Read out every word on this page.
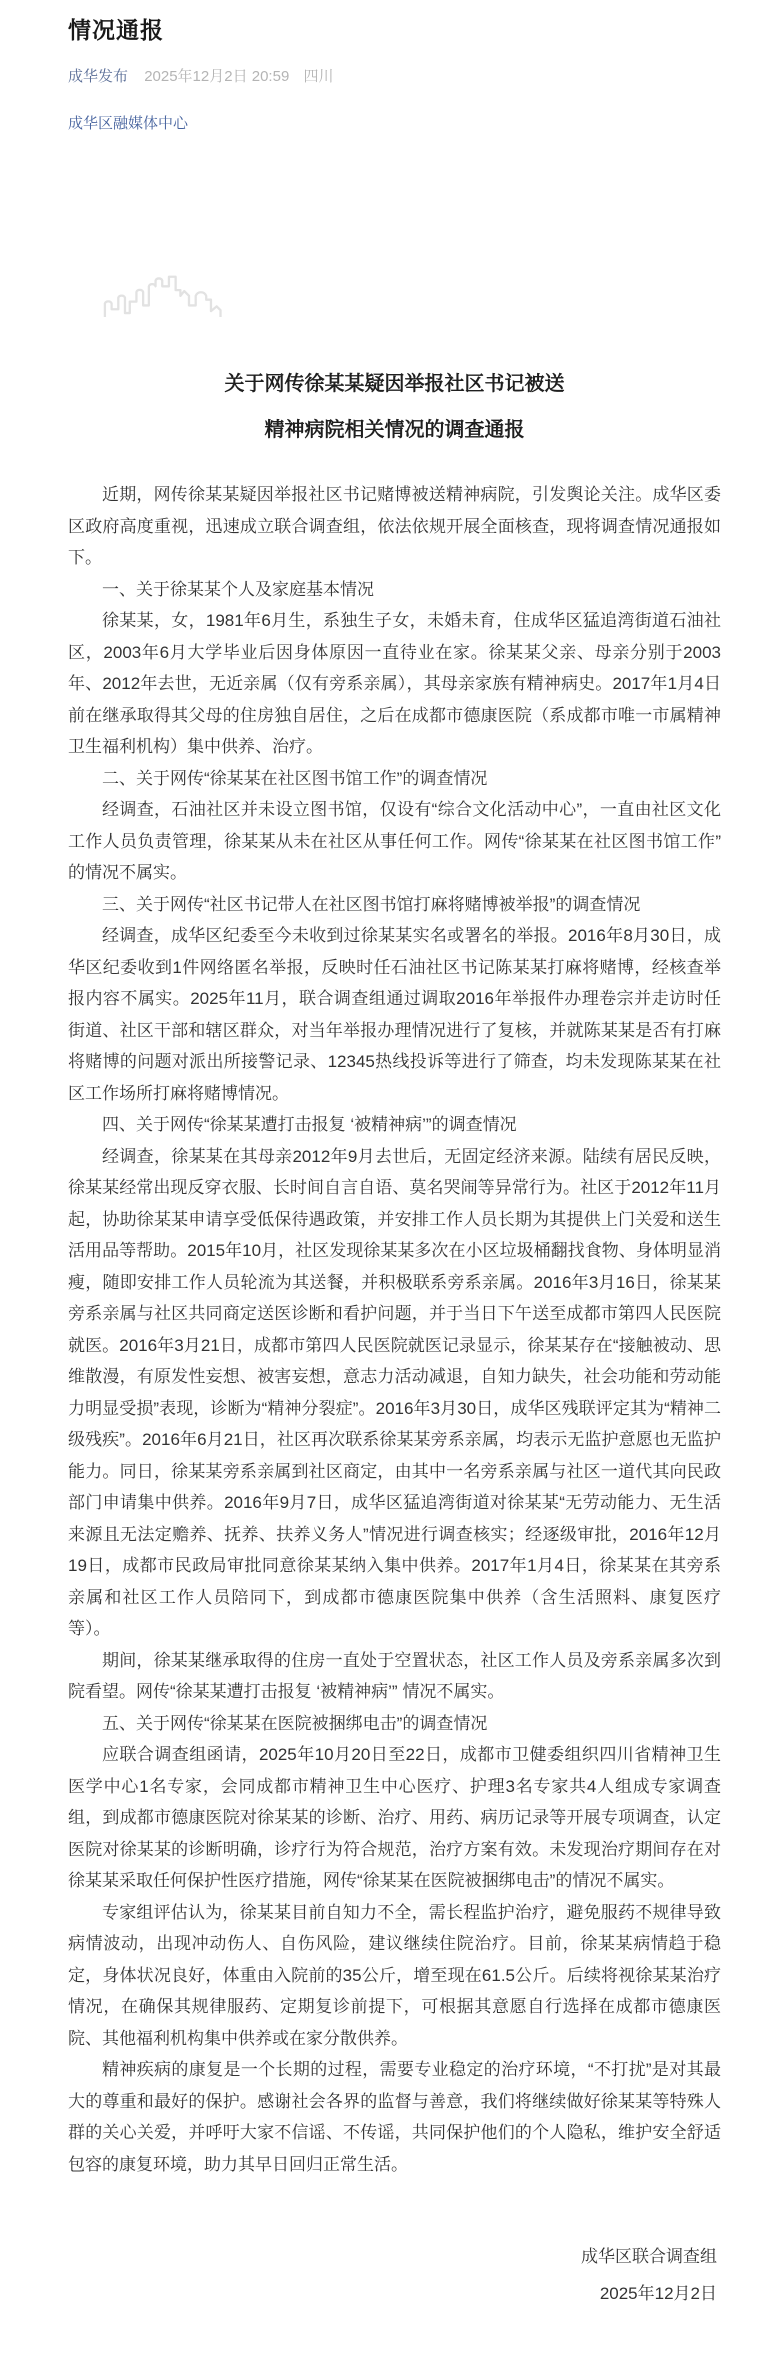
情况通报
成华发布 2025年12月2日 20:59 四川
成华区融媒体中心
关于网传徐某某疑因举报社区书记被送
精神病院相关情况的调查通报

近期，网传徐某某疑因举报社区书记赌博被送精神病院，引发舆论关注。成华区委区政府高度重视，迅速成立联合调查组，依法依规开展全面核查，现将调查情况通报如下。

一、关于徐某某个人及家庭基本情况

徐某某，女，1981年6月生，系独生子女，未婚未育，住成华区猛追湾街道石油社区，2003年6月大学毕业后因身体原因一直待业在家。徐某某父亲、母亲分别于2003年、2012年去世，无近亲属（仅有旁系亲属），其母亲家族有精神病史。2017年1月4日前在继承取得其父母的住房独自居住，之后在成都市德康医院（系成都市唯一市属精神卫生福利机构）集中供养、治疗。

二、关于网传“徐某某在社区图书馆工作”的调查情况

经调查，石油社区并未设立图书馆，仅设有“综合文化活动中心”，一直由社区文化工作人员负责管理，徐某某从未在社区从事任何工作。网传“徐某某在社区图书馆工作”的情况不属实。

三、关于网传“社区书记带人在社区图书馆打麻将赌博被举报”的调查情况

经调查，成华区纪委至今未收到过徐某某实名或署名的举报。2016年8月30日，成华区纪委收到1件网络匿名举报，反映时任石油社区书记陈某某打麻将赌博，经核查举报内容不属实。2025年11月，联合调查组通过调取2016年举报件办理卷宗并走访时任街道、社区干部和辖区群众，对当年举报办理情况进行了复核，并就陈某某是否有打麻将赌博的问题对派出所接警记录、12345热线投诉等进行了筛查，均未发现陈某某在社区工作场所打麻将赌博情况。

四、关于网传“徐某某遭打击报复 ‘被精神病’”的调查情况

经调查，徐某某在其母亲2012年9月去世后，无固定经济来源。陆续有居民反映，徐某某经常出现反穿衣服、长时间自言自语、莫名哭闹等异常行为。社区于2012年11月起，协助徐某某申请享受低保待遇政策，并安排工作人员长期为其提供上门关爱和送生活用品等帮助。2015年10月，社区发现徐某某多次在小区垃圾桶翻找食物、身体明显消瘦，随即安排工作人员轮流为其送餐，并积极联系旁系亲属。2016年3月16日，徐某某旁系亲属与社区共同商定送医诊断和看护问题，并于当日下午送至成都市第四人民医院就医。2016年3月21日，成都市第四人民医院就医记录显示，徐某某存在“接触被动、思维散漫，有原发性妄想、被害妄想，意志力活动减退，自知力缺失，社会功能和劳动能力明显受损”表现，诊断为“精神分裂症”。2016年3月30日，成华区残联评定其为“精神二级残疾”。2016年6月21日，社区再次联系徐某某旁系亲属，均表示无监护意愿也无监护能力。同日，徐某某旁系亲属到社区商定，由其中一名旁系亲属与社区一道代其向民政部门申请集中供养。2016年9月7日，成华区猛追湾街道对徐某某“无劳动能力、无生活来源且无法定赡养、抚养、扶养义务人”情况进行调查核实；经逐级审批，2016年12月19日，成都市民政局审批同意徐某某纳入集中供养。2017年1月4日，徐某某在其旁系亲属和社区工作人员陪同下，到成都市德康医院集中供养（含生活照料、康复医疗等）。

期间，徐某某继承取得的住房一直处于空置状态，社区工作人员及旁系亲属多次到院看望。网传“徐某某遭打击报复 ‘被精神病’” 情况不属实。

五、关于网传“徐某某在医院被捆绑电击”的调查情况

应联合调查组函请，2025年10月20日至22日，成都市卫健委组织四川省精神卫生医学中心1名专家，会同成都市精神卫生中心医疗、护理3名专家共4人组成专家调查组，到成都市德康医院对徐某某的诊断、治疗、用药、病历记录等开展专项调查，认定医院对徐某某的诊断明确，诊疗行为符合规范，治疗方案有效。未发现治疗期间存在对徐某某采取任何保护性医疗措施，网传“徐某某在医院被捆绑电击”的情况不属实。

专家组评估认为，徐某某目前自知力不全，需长程监护治疗，避免服药不规律导致病情波动，出现冲动伤人、自伤风险，建议继续住院治疗。目前，徐某某病情趋于稳定，身体状况良好，体重由入院前的35公斤，增至现在61.5公斤。后续将视徐某某治疗情况，在确保其规律服药、定期复诊前提下，可根据其意愿自行选择在成都市德康医院、其他福利机构集中供养或在家分散供养。

精神疾病的康复是一个长期的过程，需要专业稳定的治疗环境，“不打扰”是对其最大的尊重和最好的保护。感谢社会各界的监督与善意，我们将继续做好徐某某等特殊人群的关心关爱，并呼吁大家不信谣、不传谣，共同保护他们的个人隐私，维护安全舒适包容的康复环境，助力其早日回归正常生活。

成华区联合调查组
2025年12月2日
